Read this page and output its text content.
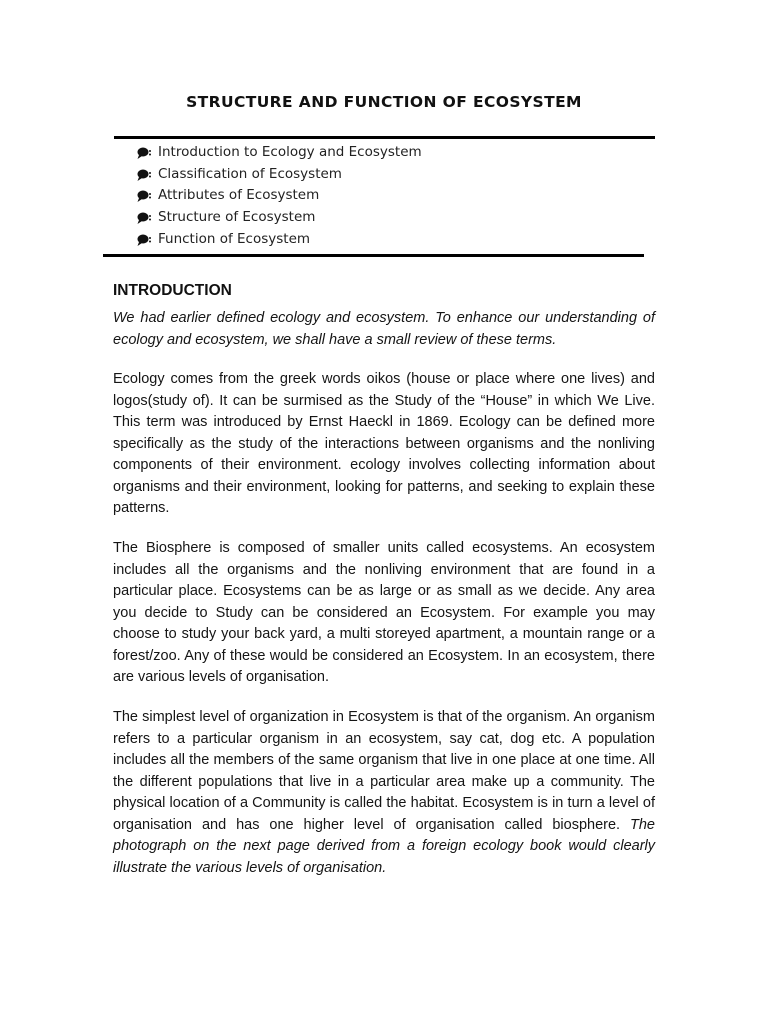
STRUCTURE AND FUNCTION OF ECOSYSTEM
Introduction to Ecology and Ecosystem
Classification of Ecosystem
Attributes of Ecosystem
Structure of Ecosystem
Function of Ecosystem
INTRODUCTION

We had earlier defined ecology and ecosystem. To enhance our understanding of ecology and ecosystem, we shall have a small review of these terms.

Ecology comes from the greek words oikos (house or place where one lives) and logos(study of). It can be surmised as the Study of the “House” in which We Live. This term was introduced by Ernst Haeckl in 1869. Ecology can be defined more specifically as the study of the interactions between organisms and the nonliving components of their environment. ecology involves collecting information about organisms and their environment, looking for patterns, and seeking to explain these patterns.

The Biosphere is composed of smaller units called ecosystems. An ecosystem includes all the organisms and the nonliving environment that are found in a particular place. Ecosystems can be as large or as small as we decide. Any area you decide to Study can be considered an Ecosystem. For example you may choose to study your back yard, a multi storeyed apartment, a mountain range or a forest/zoo. Any of these would be considered an Ecosystem. In an ecosystem, there are various levels of organisation.

The simplest level of organization in Ecosystem is that of the organism. An organism refers to a particular organism in an ecosystem, say cat, dog etc. A population includes all the members of the same organism that live in one place at one time. All the different populations that live in a particular area make up a community. The physical location of a Community is called the habitat. Ecosystem is in turn a level of organisation and has one higher level of organisation called biosphere. The photograph on the next page derived from a foreign ecology book would clearly illustrate the various levels of organisation.
